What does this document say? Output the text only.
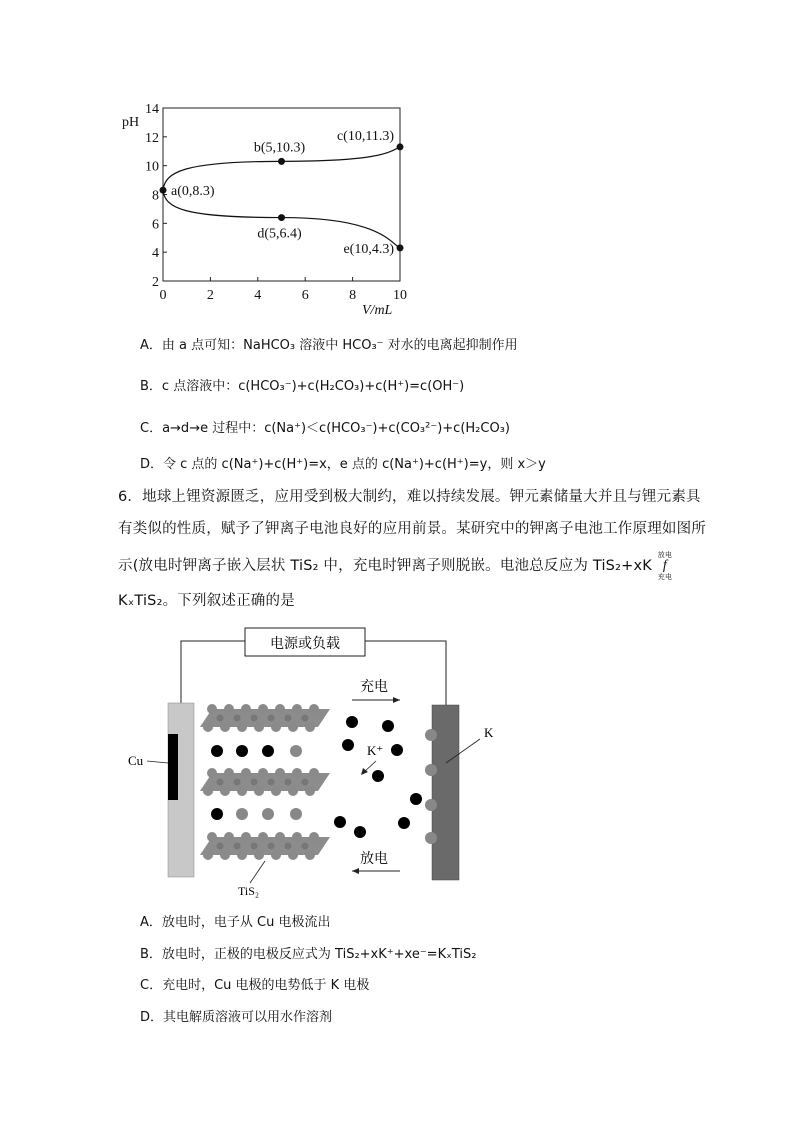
pH
V/mL
2
4
6
8
10
12
14
0	2	4	6	8	10
a(0,8.3)
b(5,10.3)
c(10,11.3)
d(5,6.4)
e(10,4.3)
A．由 a 点可知：NaHCO₃ 溶液中 HCO₃⁻ 对水的电离起抑制作用
B．c 点溶液中：c(HCO₃⁻)+c(H₂CO₃)+c(H⁺)=c(OH⁻)
C．a→d→e 过程中：c(Na⁺)＜c(HCO₃⁻)+c(CO₃²⁻)+c(H₂CO₃)
D．令 c 点的 c(Na⁺)+c(H⁺)=x，e 点的 c(Na⁺)+c(H⁺)=y，则 x＞y
6．地球上锂资源匮乏，应用受到极大制约，难以持续发展。钾元素储量大并且与锂元素具
有类似的性质，赋予了钾离子电池良好的应用前景。某研究中的钾离子电池工作原理如图所
示(放电时钾离子嵌入层状 TiS₂ 中，充电时钾离子则脱嵌。电池总反应为 TiS₂+xK
放电
f
充电
KₓTiS₂。下列叙述正确的是
电源或负载
Cu
K
TiS₂
充电
放电
K⁺
A．放电时，电子从 Cu 电极流出
B．放电时，正极的电极反应式为 TiS₂+xK⁺+xe⁻=KₓTiS₂
C．充电时，Cu 电极的电势低于 K 电极
D．其电解质溶液可以用水作溶剂
